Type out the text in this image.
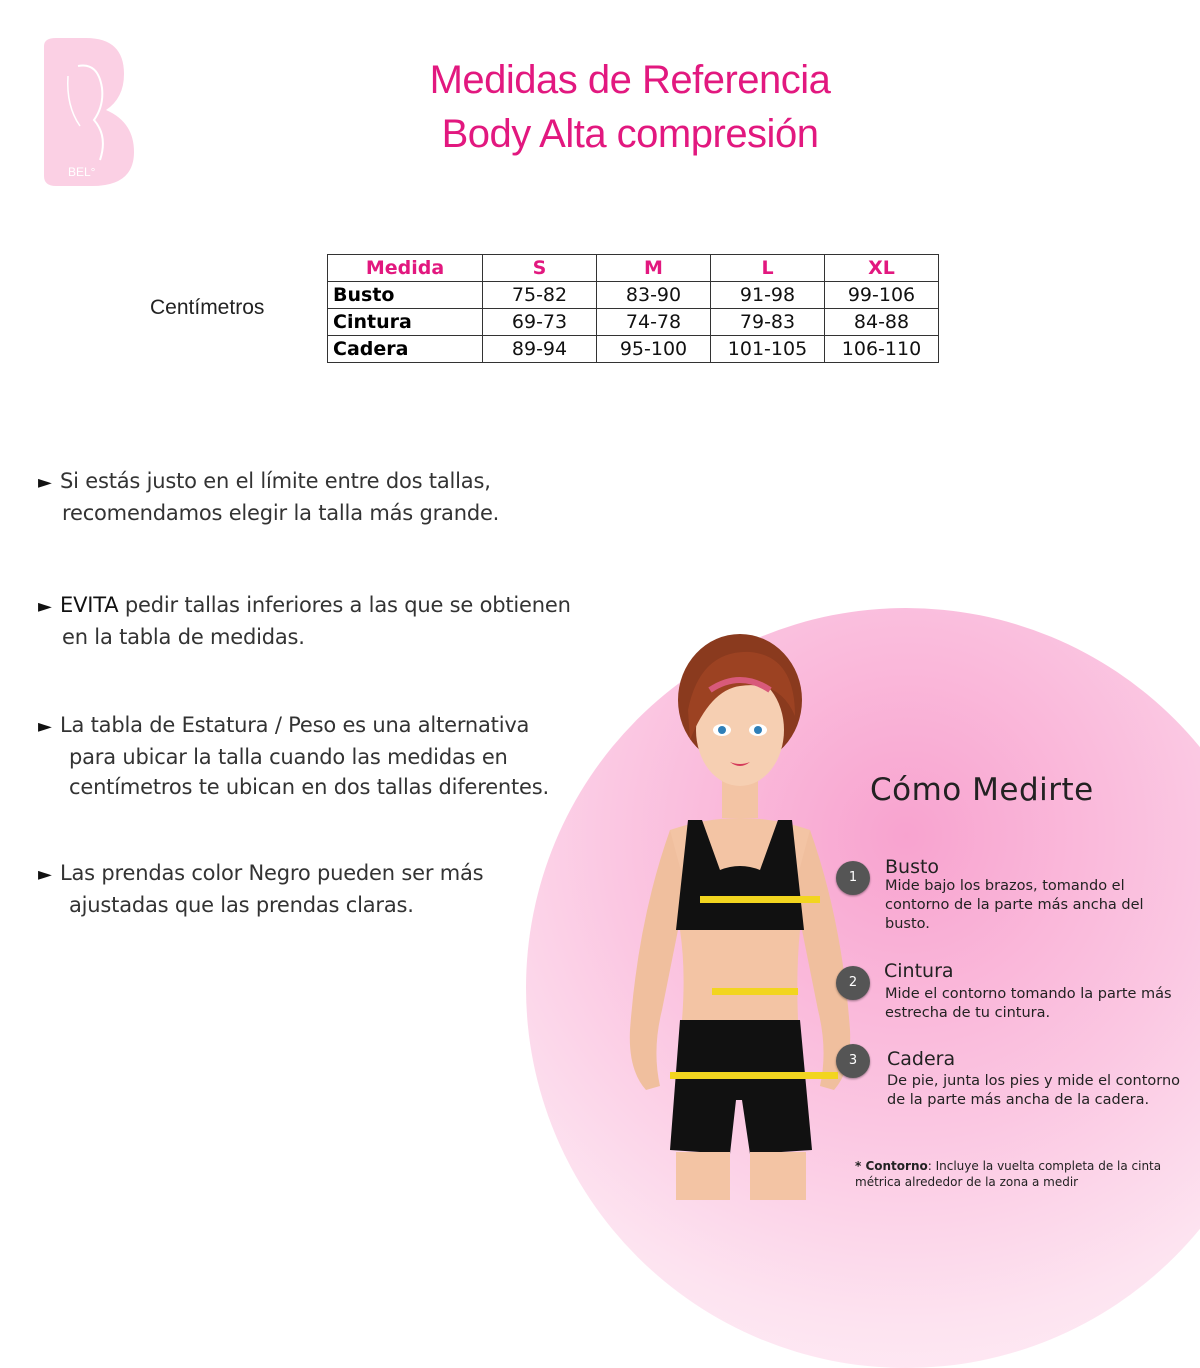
BEL°
Medidas de Referencia
Body Alta compresión
Centímetros
Medida	S	M	L	XL
Busto	75-82	83-90	91-98	99-106
Cintura	69-73	74-78	79-83	84-88
Cadera	89-94	95-100	101-105	106-110
► Si estás justo en el límite entre dos tallas,
recomendamos elegir la talla más grande.
► EVITA pedir tallas inferiores a las que se obtienen
en la tabla de medidas.
► La tabla de Estatura / Peso es una alternativa
para ubicar la talla cuando las medidas en
centímetros te ubican en dos tallas diferentes.
► Las prendas color Negro pueden ser más
ajustadas que las prendas claras.
Cómo Medirte
1	Busto
Mide bajo los brazos, tomando el contorno de la parte más ancha del busto.
2
Cintura
Mide el contorno tomando la parte más estrecha de tu cintura.
3	Cadera
De pie, junta los pies y mide el contorno de la parte más ancha de la cadera.
* Contorno: Incluye la vuelta completa de la cinta métrica alrededor de la zona a medir
